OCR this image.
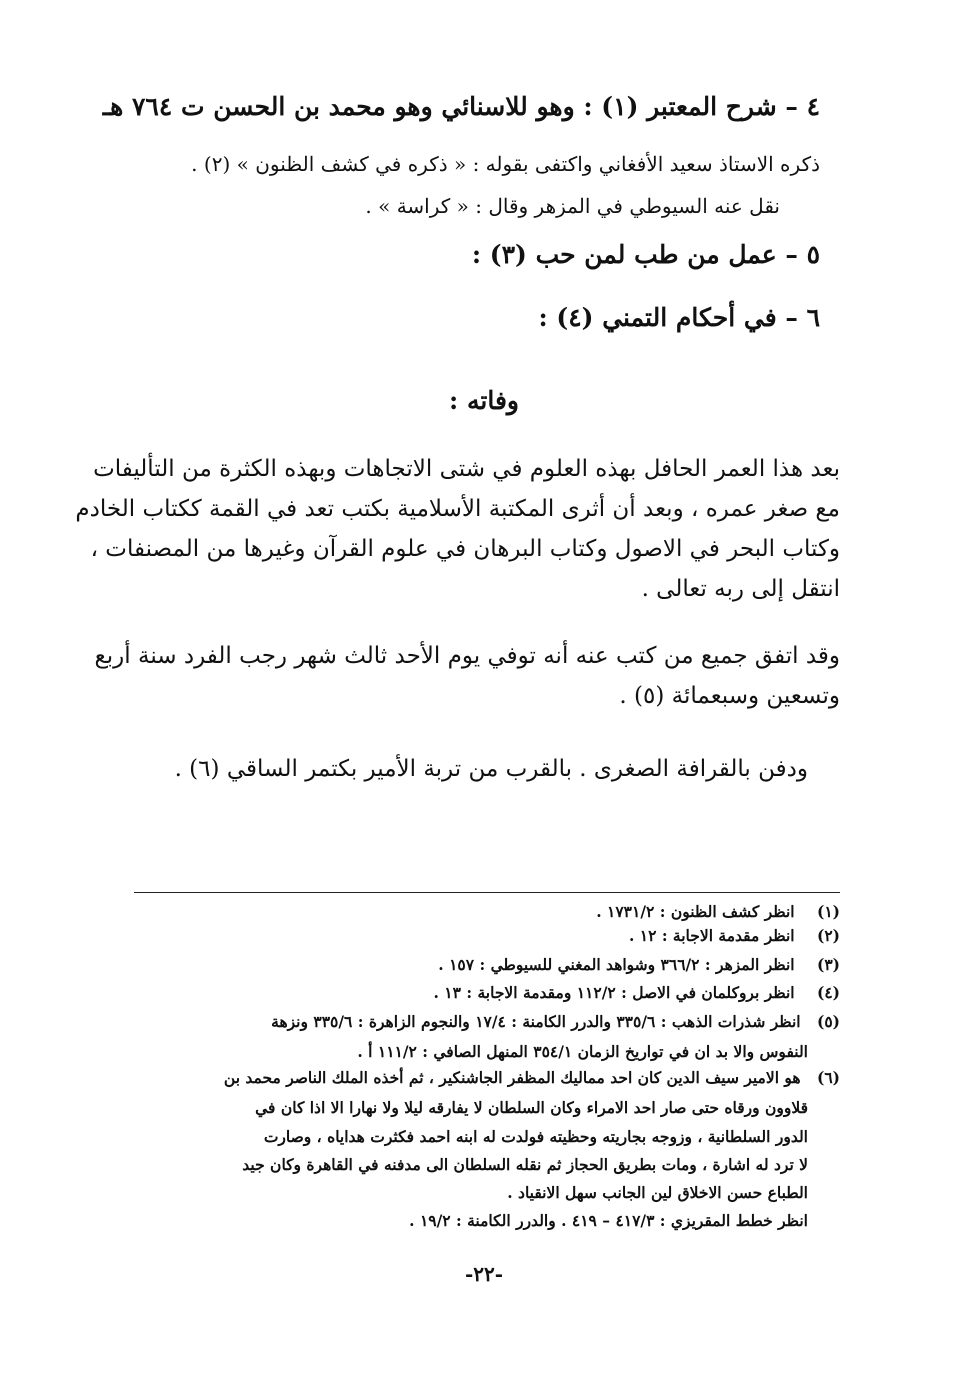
٤ – شرح المعتبر (١) : وهو للاسنائي وهو محمد بن الحسن ت ٧٦٤ هـ
ذكره الاستاذ سعيد الأفغاني واكتفى بقوله : « ذكره في كشف الظنون » (٢) .
نقل عنه السيوطي في المزهر وقال : « كراسة » .
٥ – عمل من طب لمن حب (٣) :
٦ – في أحكام التمني (٤) :
وفاته :
بعد هذا العمر الحافل بهذه العلوم في شتى الاتجاهات وبهذه الكثرة من التأليفات
مع صغر عمره ، وبعد أن أثرى المكتبة الأسلامية بكتب تعد في القمة ككتاب الخادم
وكتاب البحر في الاصول وكتاب البرهان في علوم القرآن وغيرها من المصنفات ،
انتقل إلى ربه تعالى .
وقد اتفق جميع من كتب عنه أنه توفي يوم الأحد ثالث شهر رجب الفرد سنة أربع
وتسعين وسبعمائة (٥) .
ودفن بالقرافة الصغرى . بالقرب من تربة الأمير بكتمر الساقي (٦) .
(١) انظر كشف الظنون : ١٧٣١/٢ .
(٢) انظر مقدمة الاجابة : ١٢ .
(٣) انظر المزهر : ٣٦٦/٢ وشواهد المغني للسيوطي : ١٥٧ .
(٤) انظر بروكلمان في الاصل : ١١٢/٢ ومقدمة الاجابة : ١٣ .
(٥) انظر شذرات الذهب : ٣٣٥/٦ والدرر الكامنة : ١٧/٤ والنجوم الزاهرة : ٣٣٥/٦ ونزهة
النفوس والا بد ان في تواريخ الزمان ٣٥٤/١ المنهل الصافي : ١١١/٢ أ .
(٦) هو الامير سيف الدين كان احد مماليك المظفر الجاشنكير ، ثم أخذه الملك الناصر محمد بن
قلاوون ورقاه حتى صار احد الامراء وكان السلطان لا يفارقه ليلا ولا نهارا الا اذا كان في
الدور السلطانية ، وزوجه بجاريته وحظيته فولدت له ابنه احمد فكثرت هداياه ، وصارت
لا ترد له اشارة ، ومات بطريق الحجاز ثم نقله السلطان الى مدفنه في القاهرة وكان جيد
الطباع حسن الاخلاق لين الجانب سهل الانقياد .
انظر خطط المقريزي : ٤١٧/٣ – ٤١٩ . والدرر الكامنة : ١٩/٢ .
-٢٢-
